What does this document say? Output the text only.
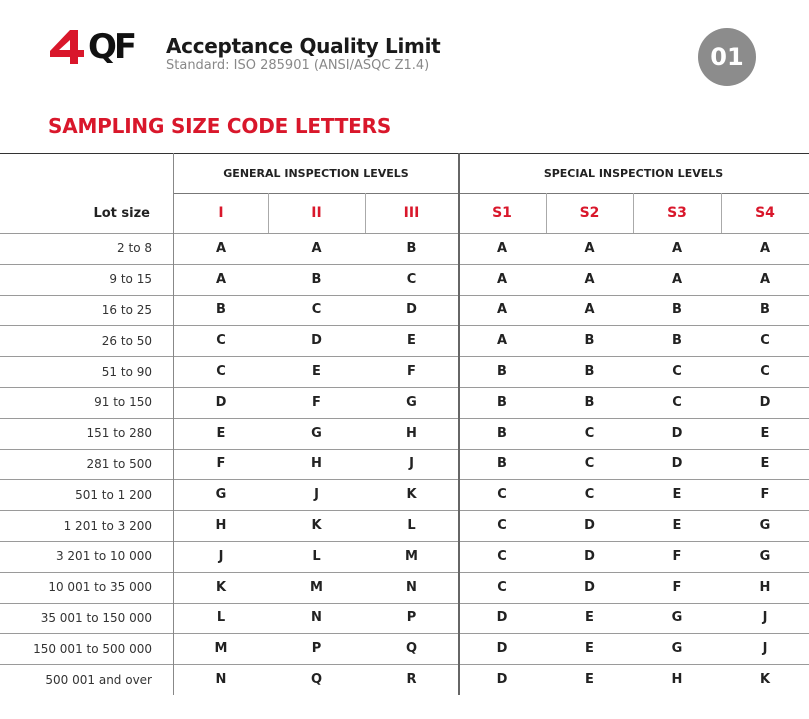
QF Acceptance Quality Limit
Standard: ISO 285901 (ANSI/ASQC Z1.4)	01
SAMPLING SIZE CODE LETTERS
GENERAL INSPECTION LEVELS	SPECIAL INSPECTION LEVELS
Lot size	I	II	III	S1	S2	S3	S4
2 to 8	A	A	B	A	A	A	A
9 to 15	A	B	C	A	A	A	A
16 to 25	B	C	D	A	A	B	B
26 to 50	C	D	E	A	B	B	C
51 to 90	C	E	F	B	B	C	C
91 to 150	D	F	G	B	B	C	D
151 to 280	E	G	H	B	C	D	E
281 to 500	F	H	J	B	C	D	E
501 to 1 200	G	J	K	C	C	E	F
1 201 to 3 200	H	K	L	C	D	E	G
3 201 to 10 000	J	L	M	C	D	F	G
10 001 to 35 000	K	M	N	C	D	F	H
35 001 to 150 000	L	N	P	D	E	G	J
150 001 to 500 000	M	P	Q	D	E	G	J
500 001 and over	N	Q	R	D	E	H	K
